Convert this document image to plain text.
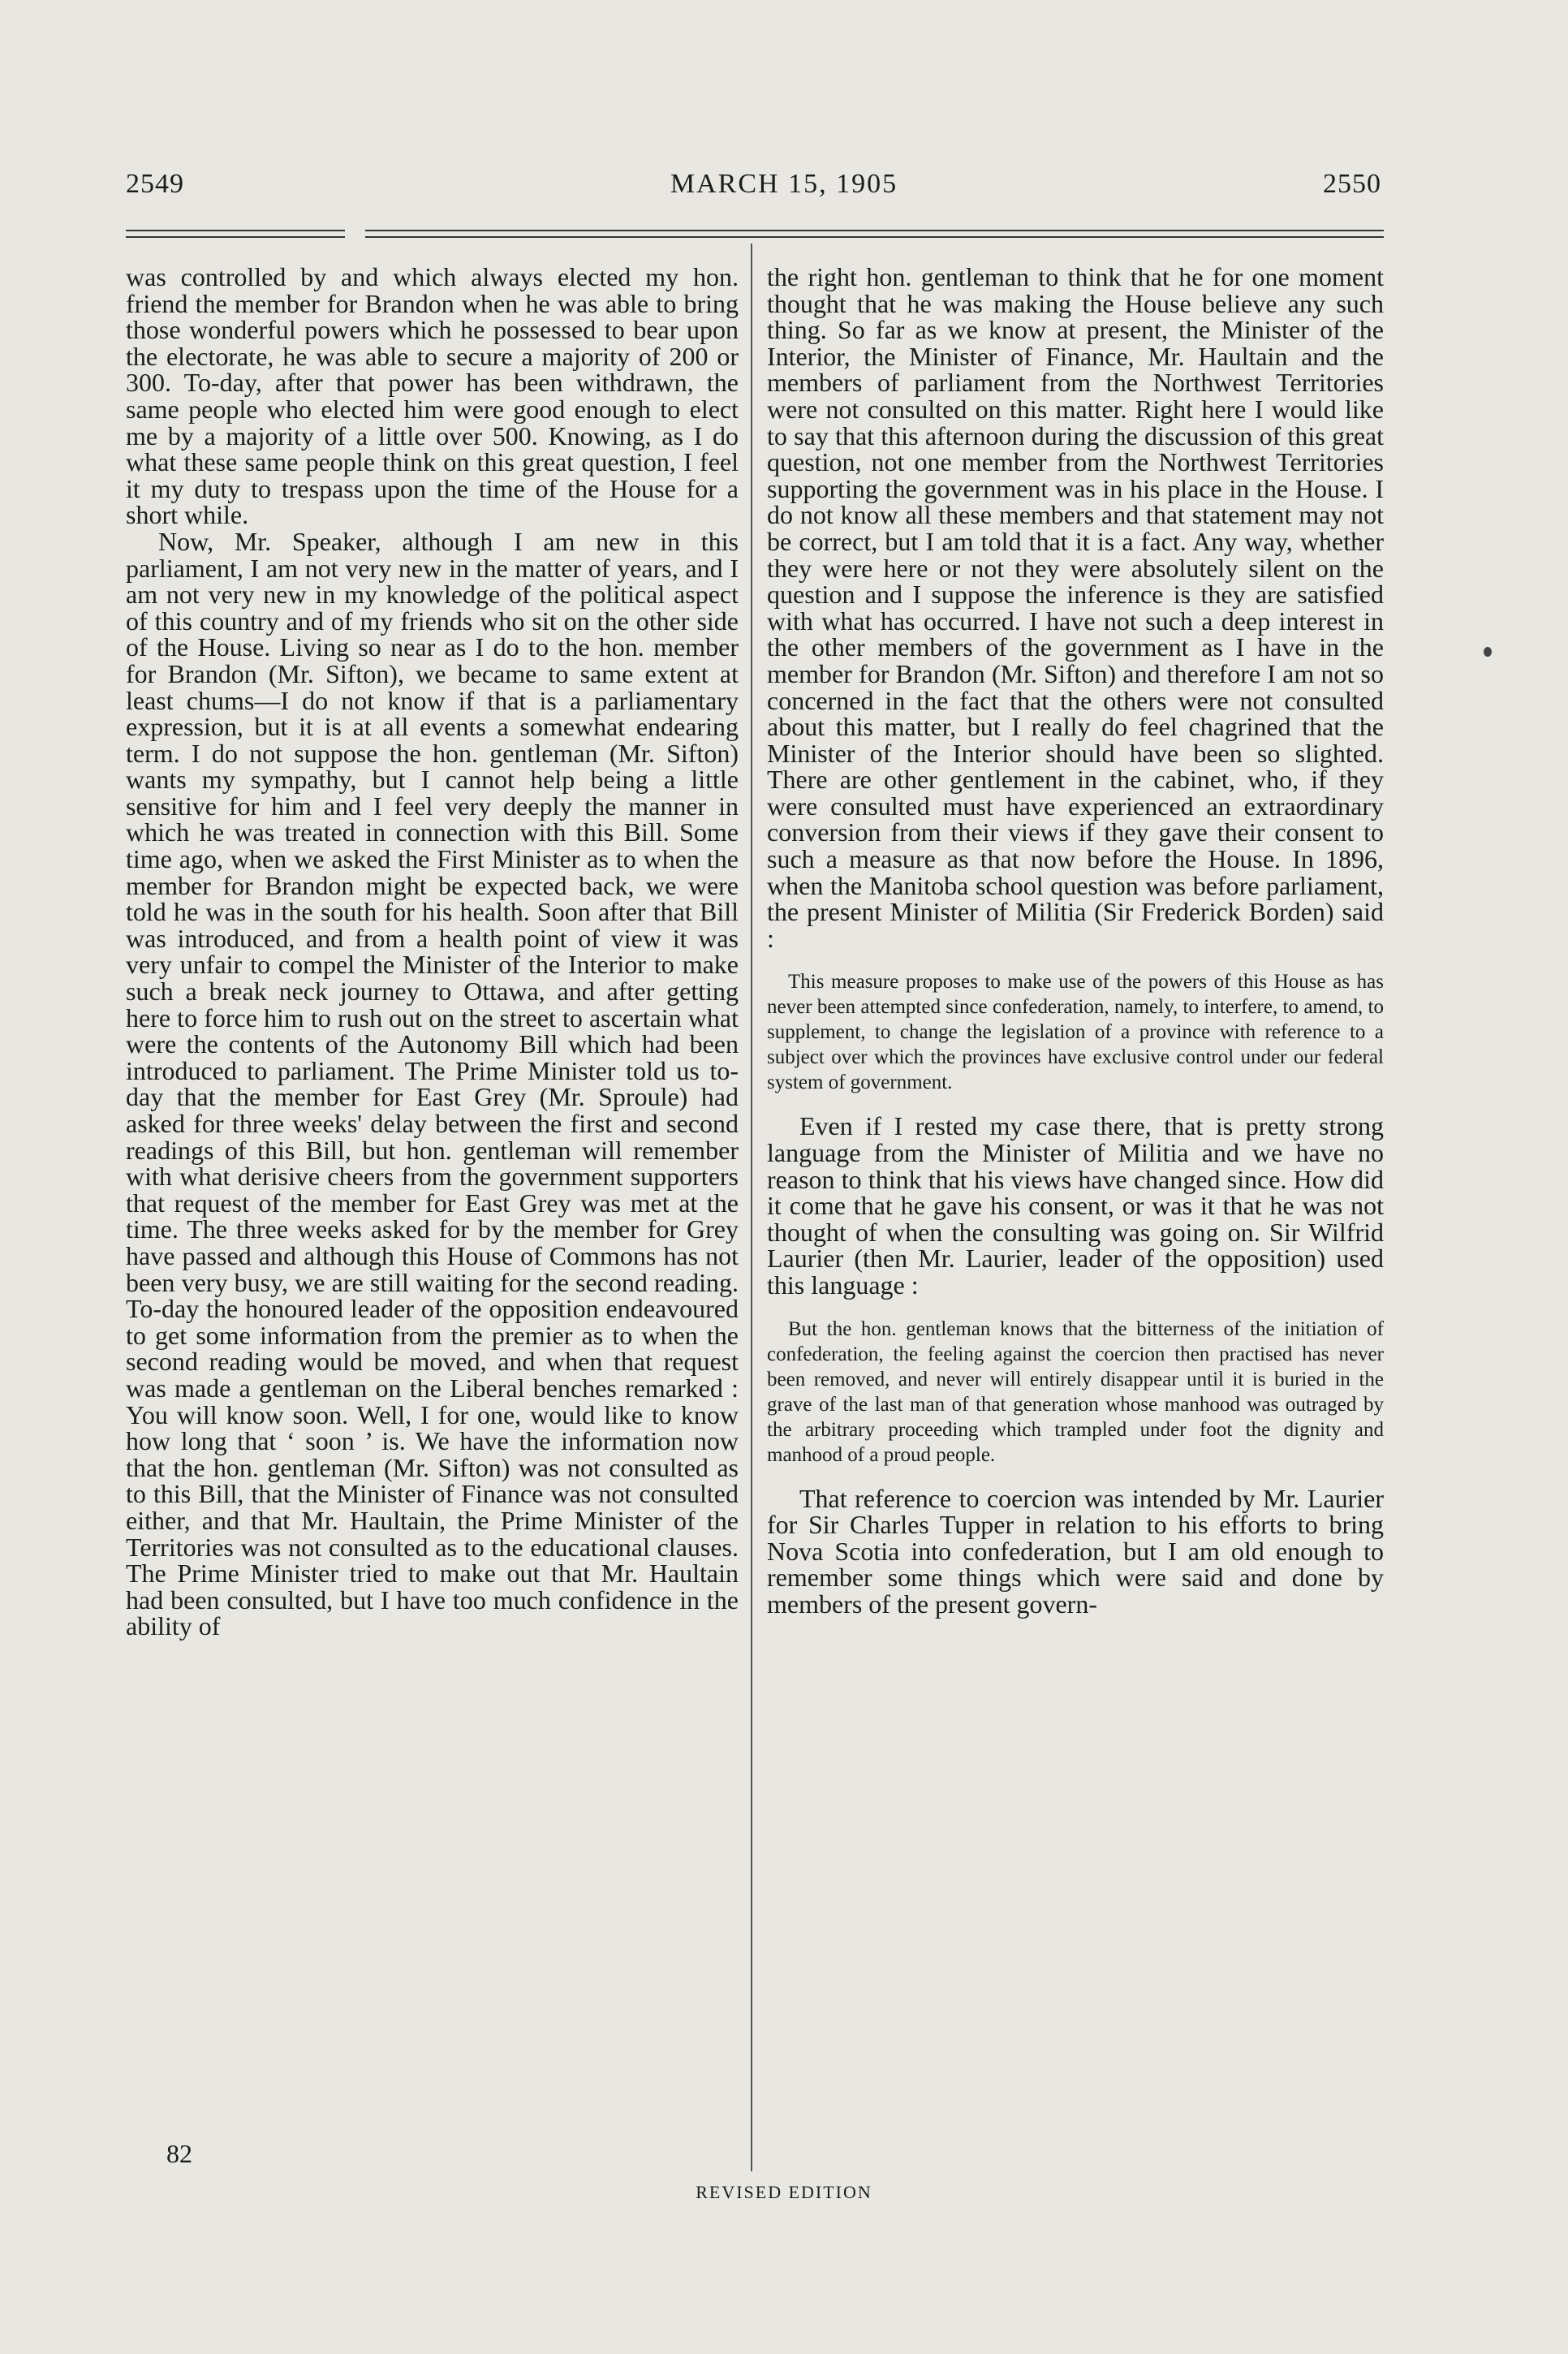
2549	MARCH 15, 1905	2550

was controlled by and which always elected my hon. friend the member for Brandon when he was able to bring those wonderful powers which he possessed to bear upon the electorate, he was able to secure a majority of 200 or 300. To-day, after that power has been withdrawn, the same people who elected him were good enough to elect me by a majority of a little over 500. Knowing, as I do what these same people think on this great question, I feel it my duty to trespass upon the time of the House for a short while.

Now, Mr. Speaker, although I am new in this parliament, I am not very new in the matter of years, and I am not very new in my knowledge of the political aspect of this country and of my friends who sit on the other side of the House. Living so near as I do to the hon. member for Brandon (Mr. Sifton), we became to same extent at least chums—I do not know if that is a parliamentary expression, but it is at all events a somewhat endearing term. I do not suppose the hon. gentleman (Mr. Sifton) wants my sympathy, but I cannot help being a little sensitive for him and I feel very deeply the manner in which he was treated in connection with this Bill. Some time ago, when we asked the First Minister as to when the member for Brandon might be expected back, we were told he was in the south for his health. Soon after that Bill was introduced, and from a health point of view it was very unfair to compel the Minister of the Interior to make such a break neck journey to Ottawa, and after getting here to force him to rush out on the street to ascertain what were the contents of the Autonomy Bill which had been introduced to parliament. The Prime Minister told us to-day that the member for East Grey (Mr. Sproule) had asked for three weeks' delay between the first and second readings of this Bill, but hon. gentleman will remember with what derisive cheers from the government supporters that request of the member for East Grey was met at the time. The three weeks asked for by the member for Grey have passed and although this House of Commons has not been very busy, we are still waiting for the second reading. To-day the honoured leader of the opposition endeavoured to get some information from the premier as to when the second reading would be moved, and when that request was made a gentleman on the Liberal benches remarked : You will know soon. Well, I for one, would like to know how long that ‘ soon ’ is. We have the information now that the hon. gentleman (Mr. Sifton) was not consulted as to this Bill, that the Minister of Finance was not consulted either, and that Mr. Haultain, the Prime Minister of the Territories was not consulted as to the educational clauses. The Prime Minister tried to make out that Mr. Haultain had been consulted, but I have too much confidence in the ability of

the right hon. gentleman to think that he for one moment thought that he was making the House believe any such thing. So far as we know at present, the Minister of the Interior, the Minister of Finance, Mr. Haultain and the members of parliament from the Northwest Territories were not consulted on this matter. Right here I would like to say that this afternoon during the discussion of this great question, not one member from the Northwest Territories supporting the government was in his place in the House. I do not know all these members and that statement may not be correct, but I am told that it is a fact. Any way, whether they were here or not they were absolutely silent on the question and I suppose the inference is they are satisfied with what has occurred. I have not such a deep interest in the other members of the government as I have in the member for Brandon (Mr. Sifton) and therefore I am not so concerned in the fact that the others were not consulted about this matter, but I really do feel chagrined that the Minister of the Interior should have been so slighted. There are other gentlement in the cabinet, who, if they were consulted must have experienced an extraordinary conversion from their views if they gave their consent to such a measure as that now before the House. In 1896, when the Manitoba school question was before parliament, the present Minister of Militia (Sir Frederick Borden) said :

This measure proposes to make use of the powers of this House as has never been attempted since confederation, namely, to interfere, to amend, to supplement, to change the legislation of a province with reference to a subject over which the provinces have exclusive control under our federal system of government.

Even if I rested my case there, that is pretty strong language from the Minister of Militia and we have no reason to think that his views have changed since. How did it come that he gave his consent, or was it that he was not thought of when the consulting was going on. Sir Wilfrid Laurier (then Mr. Laurier, leader of the opposition) used this language :

But the hon. gentleman knows that the bitterness of the initiation of confederation, the feeling against the coercion then practised has never been removed, and never will entirely disappear until it is buried in the grave of the last man of that generation whose manhood was outraged by the arbitrary proceeding which trampled under foot the dignity and manhood of a proud people.

That reference to coercion was intended by Mr. Laurier for Sir Charles Tupper in relation to his efforts to bring Nova Scotia into confederation, but I am old enough to remember some things which were said and done by members of the present govern-

82
REVISED EDITION
